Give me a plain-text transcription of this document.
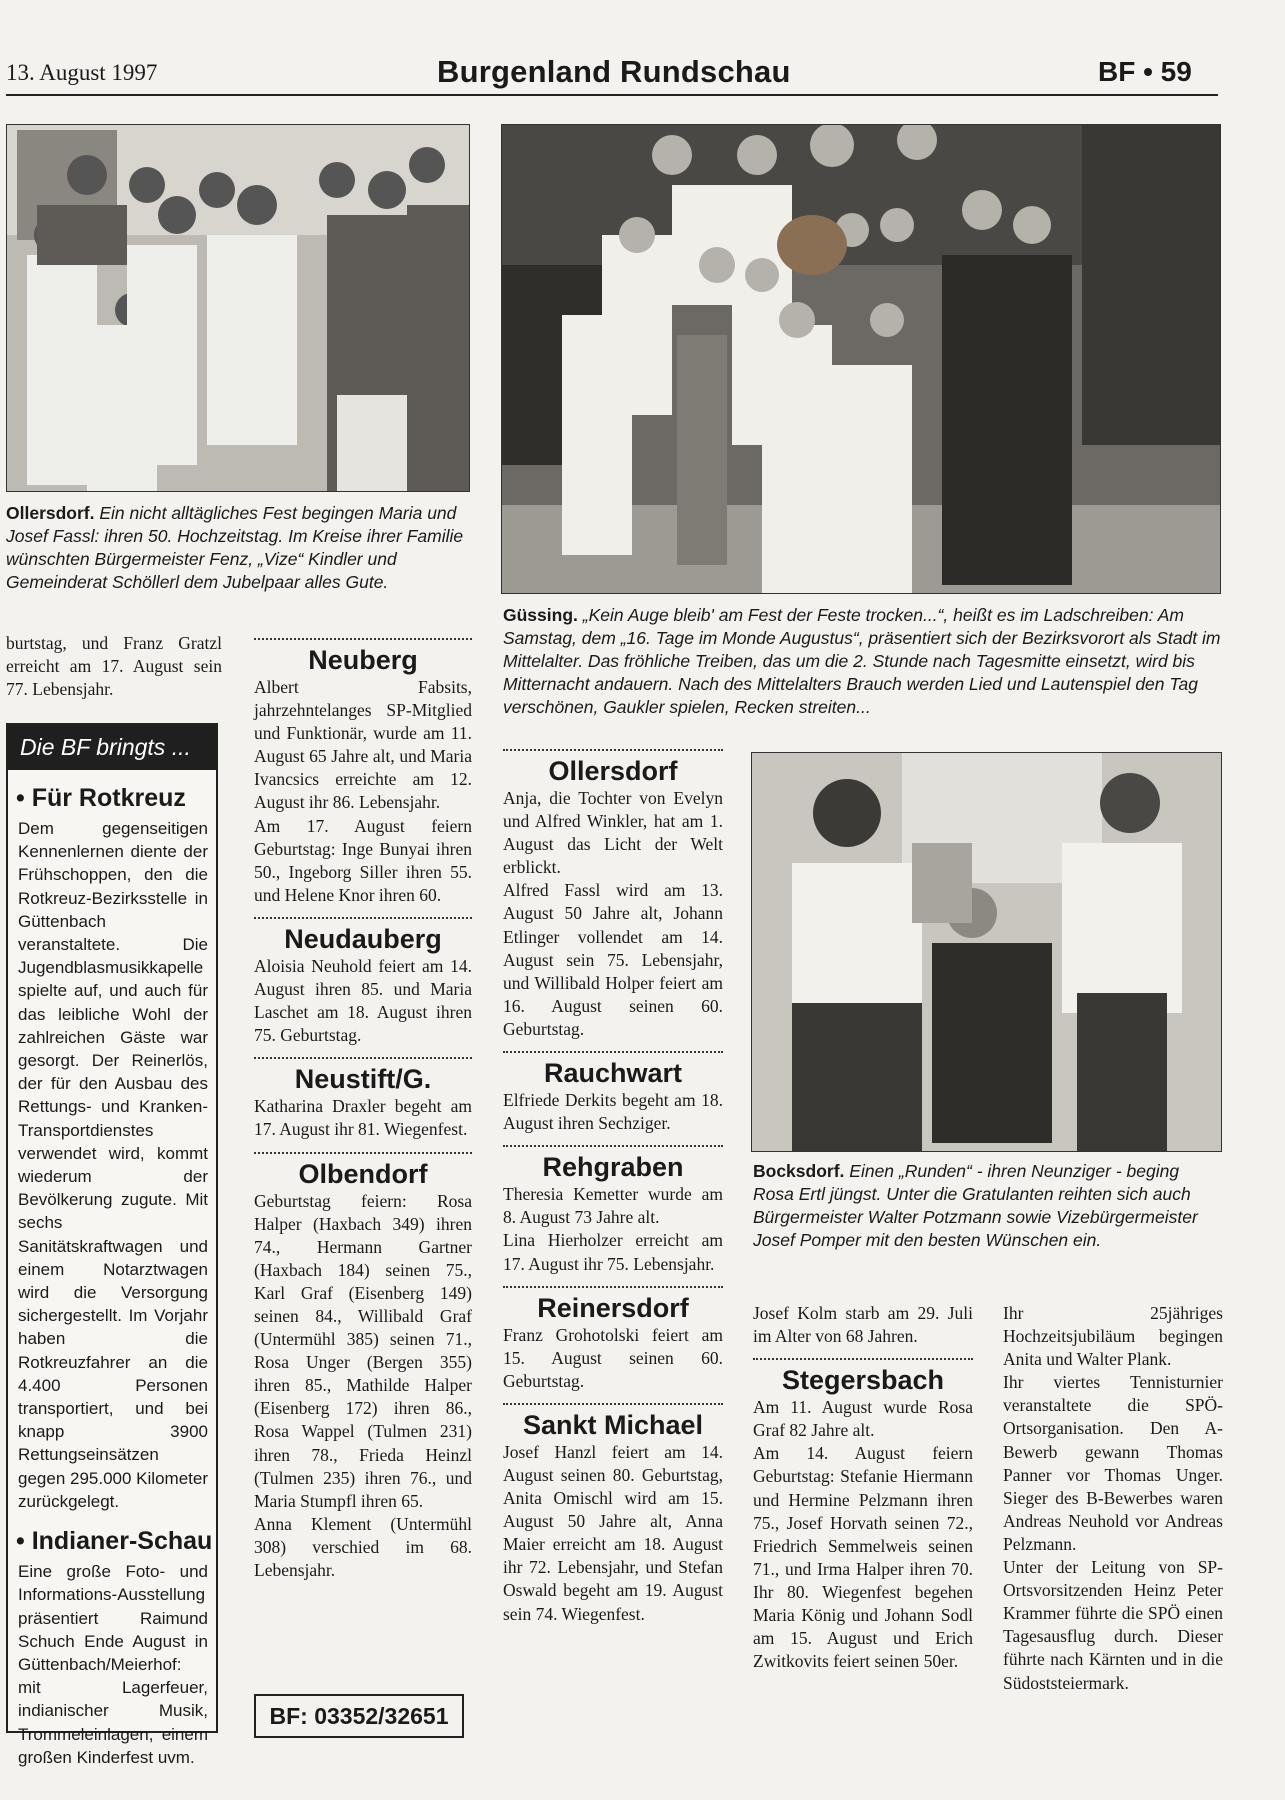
13. August 1997	Burgenland Rundschau	BF • 59
Ollersdorf. Ein nicht alltägliches Fest begingen Maria und Josef Fassl: ihren 50. Hochzeitstag. Im Kreise ihrer Familie wünschten Bürgermeister Fenz, „Vize“ Kindler und Gemeinderat Schöllerl dem Jubelpaar alles Gute.
Güssing. „Kein Auge bleib' am Fest der Feste trocken...“, heißt es im Ladschreiben: Am Samstag, dem „16. Tage im Monde Augustus“, präsentiert sich der Bezirksvorort als Stadt im Mittelalter. Das fröhliche Treiben, das um die 2. Stunde nach Tagesmitte einsetzt, wird bis Mitternacht andauern. Nach des Mittelalters Brauch werden Lied und Lautenspiel den Tag verschönen, Gaukler spielen, Recken streiten...
Bocksdorf. Einen „Runden“ - ihren Neunziger - beging Rosa Ertl jüngst. Unter die Gratulanten reihten sich auch Bürgermeister Walter Potzmann sowie Vizebürgermeister Josef Pomper mit den besten Wünschen ein.

burtstag, und Franz Gratzl erreicht am 17. August sein 77. Lebensjahr.

Die BF bringts ...
• Für Rotkreuz

Dem gegenseitigen Kennenlernen diente der Frühschoppen, den die Rotkreuz-Bezirksstelle in Güttenbach veranstaltete. Die Jugendblasmusikkapelle spielte auf, und auch für das leibliche Wohl der zahlreichen Gäste war gesorgt. Der Reinerlös, der für den Ausbau des Rettungs- und Kranken-Transportdienstes verwendet wird, kommt wiederum der Bevölkerung zugute. Mit sechs Sanitätskraftwagen und einem Notarztwagen wird die Versorgung sichergestellt. Im Vorjahr haben die Rotkreuzfahrer an die 4.400 Personen transportiert, und bei knapp 3900 Rettungseinsätzen gegen 295.000 Kilometer zurückgelegt.

• Indianer-Schau

Eine große Foto- und Informations-Ausstellung präsentiert Raimund Schuch Ende August in Güttenbach/Meierhof: mit Lagerfeuer, indianischer Musik, Trommeleinlagen, einem großen Kinderfest uvm.

Neuberg

Albert Fabsits, jahrzehntelanges SP-Mitglied und Funktionär, wurde am 11. August 65 Jahre alt, und Maria Ivancsics erreichte am 12. August ihr 86. Lebensjahr.

Am 17. August feiern Geburtstag: Inge Bunyai ihren 50., Ingeborg Siller ihren 55. und Helene Knor ihren 60.

Neudauberg

Aloisia Neuhold feiert am 14. August ihren 85. und Maria Laschet am 18. August ihren 75. Geburtstag.

Neustift/G.

Katharina Draxler begeht am 17. August ihr 81. Wiegenfest.

Olbendorf

Geburtstag feiern: Rosa Halper (Haxbach 349) ihren 74., Hermann Gartner (Haxbach 184) seinen 75., Karl Graf (Eisenberg 149) seinen 84., Willibald Graf (Untermühl 385) seinen 71., Rosa Unger (Bergen 355) ihren 85., Mathilde Halper (Eisenberg 172) ihren 86., Rosa Wappel (Tulmen 231) ihren 78., Frieda Heinzl (Tulmen 235) ihren 76., und Maria Stumpfl ihren 65.

Anna Klement (Untermühl 308) verschied im 68. Lebensjahr.

BF: 03352/32651
Ollersdorf

Anja, die Tochter von Evelyn und Alfred Winkler, hat am 1. August das Licht der Welt erblickt.

Alfred Fassl wird am 13. August 50 Jahre alt, Johann Etlinger vollendet am 14. August sein 75. Lebensjahr, und Willibald Holper feiert am 16. August seinen 60. Geburtstag.

Rauchwart

Elfriede Derkits begeht am 18. August ihren Sechziger.

Rehgraben

Theresia Kemetter wurde am 8. August 73 Jahre alt.

Lina Hierholzer erreicht am 17. August ihr 75. Lebensjahr.

Reinersdorf

Franz Grohotolski feiert am 15. August seinen 60. Geburtstag.

Sankt Michael

Josef Hanzl feiert am 14. August seinen 80. Geburtstag, Anita Omischl wird am 15. August 50 Jahre alt, Anna Maier erreicht am 18. August ihr 72. Lebensjahr, und Stefan Oswald begeht am 19. August sein 74. Wiegenfest.

Josef Kolm starb am 29. Juli im Alter von 68 Jahren.

Stegersbach

Am 11. August wurde Rosa Graf 82 Jahre alt.

Am 14. August feiern Geburtstag: Stefanie Hiermann und Hermine Pelzmann ihren 75., Josef Horvath seinen 72., Friedrich Semmelweis seinen 71., und Irma Halper ihren 70. Ihr 80. Wiegenfest begehen Maria König und Johann Sodl am 15. August und Erich Zwitkovits feiert seinen 50er.

Ihr 25jähriges Hochzeitsjubiläum begingen Anita und Walter Plank.

Ihr viertes Tennisturnier veranstaltete die SPÖ-Ortsorganisation. Den A-Bewerb gewann Thomas Panner vor Thomas Unger. Sieger des B-Bewerbes waren Andreas Neuhold vor Andreas Pelzmann.

Unter der Leitung von SP-Ortsvorsitzenden Heinz Peter Krammer führte die SPÖ einen Tagesausflug durch. Dieser führte nach Kärnten und in die Südoststeiermark.
